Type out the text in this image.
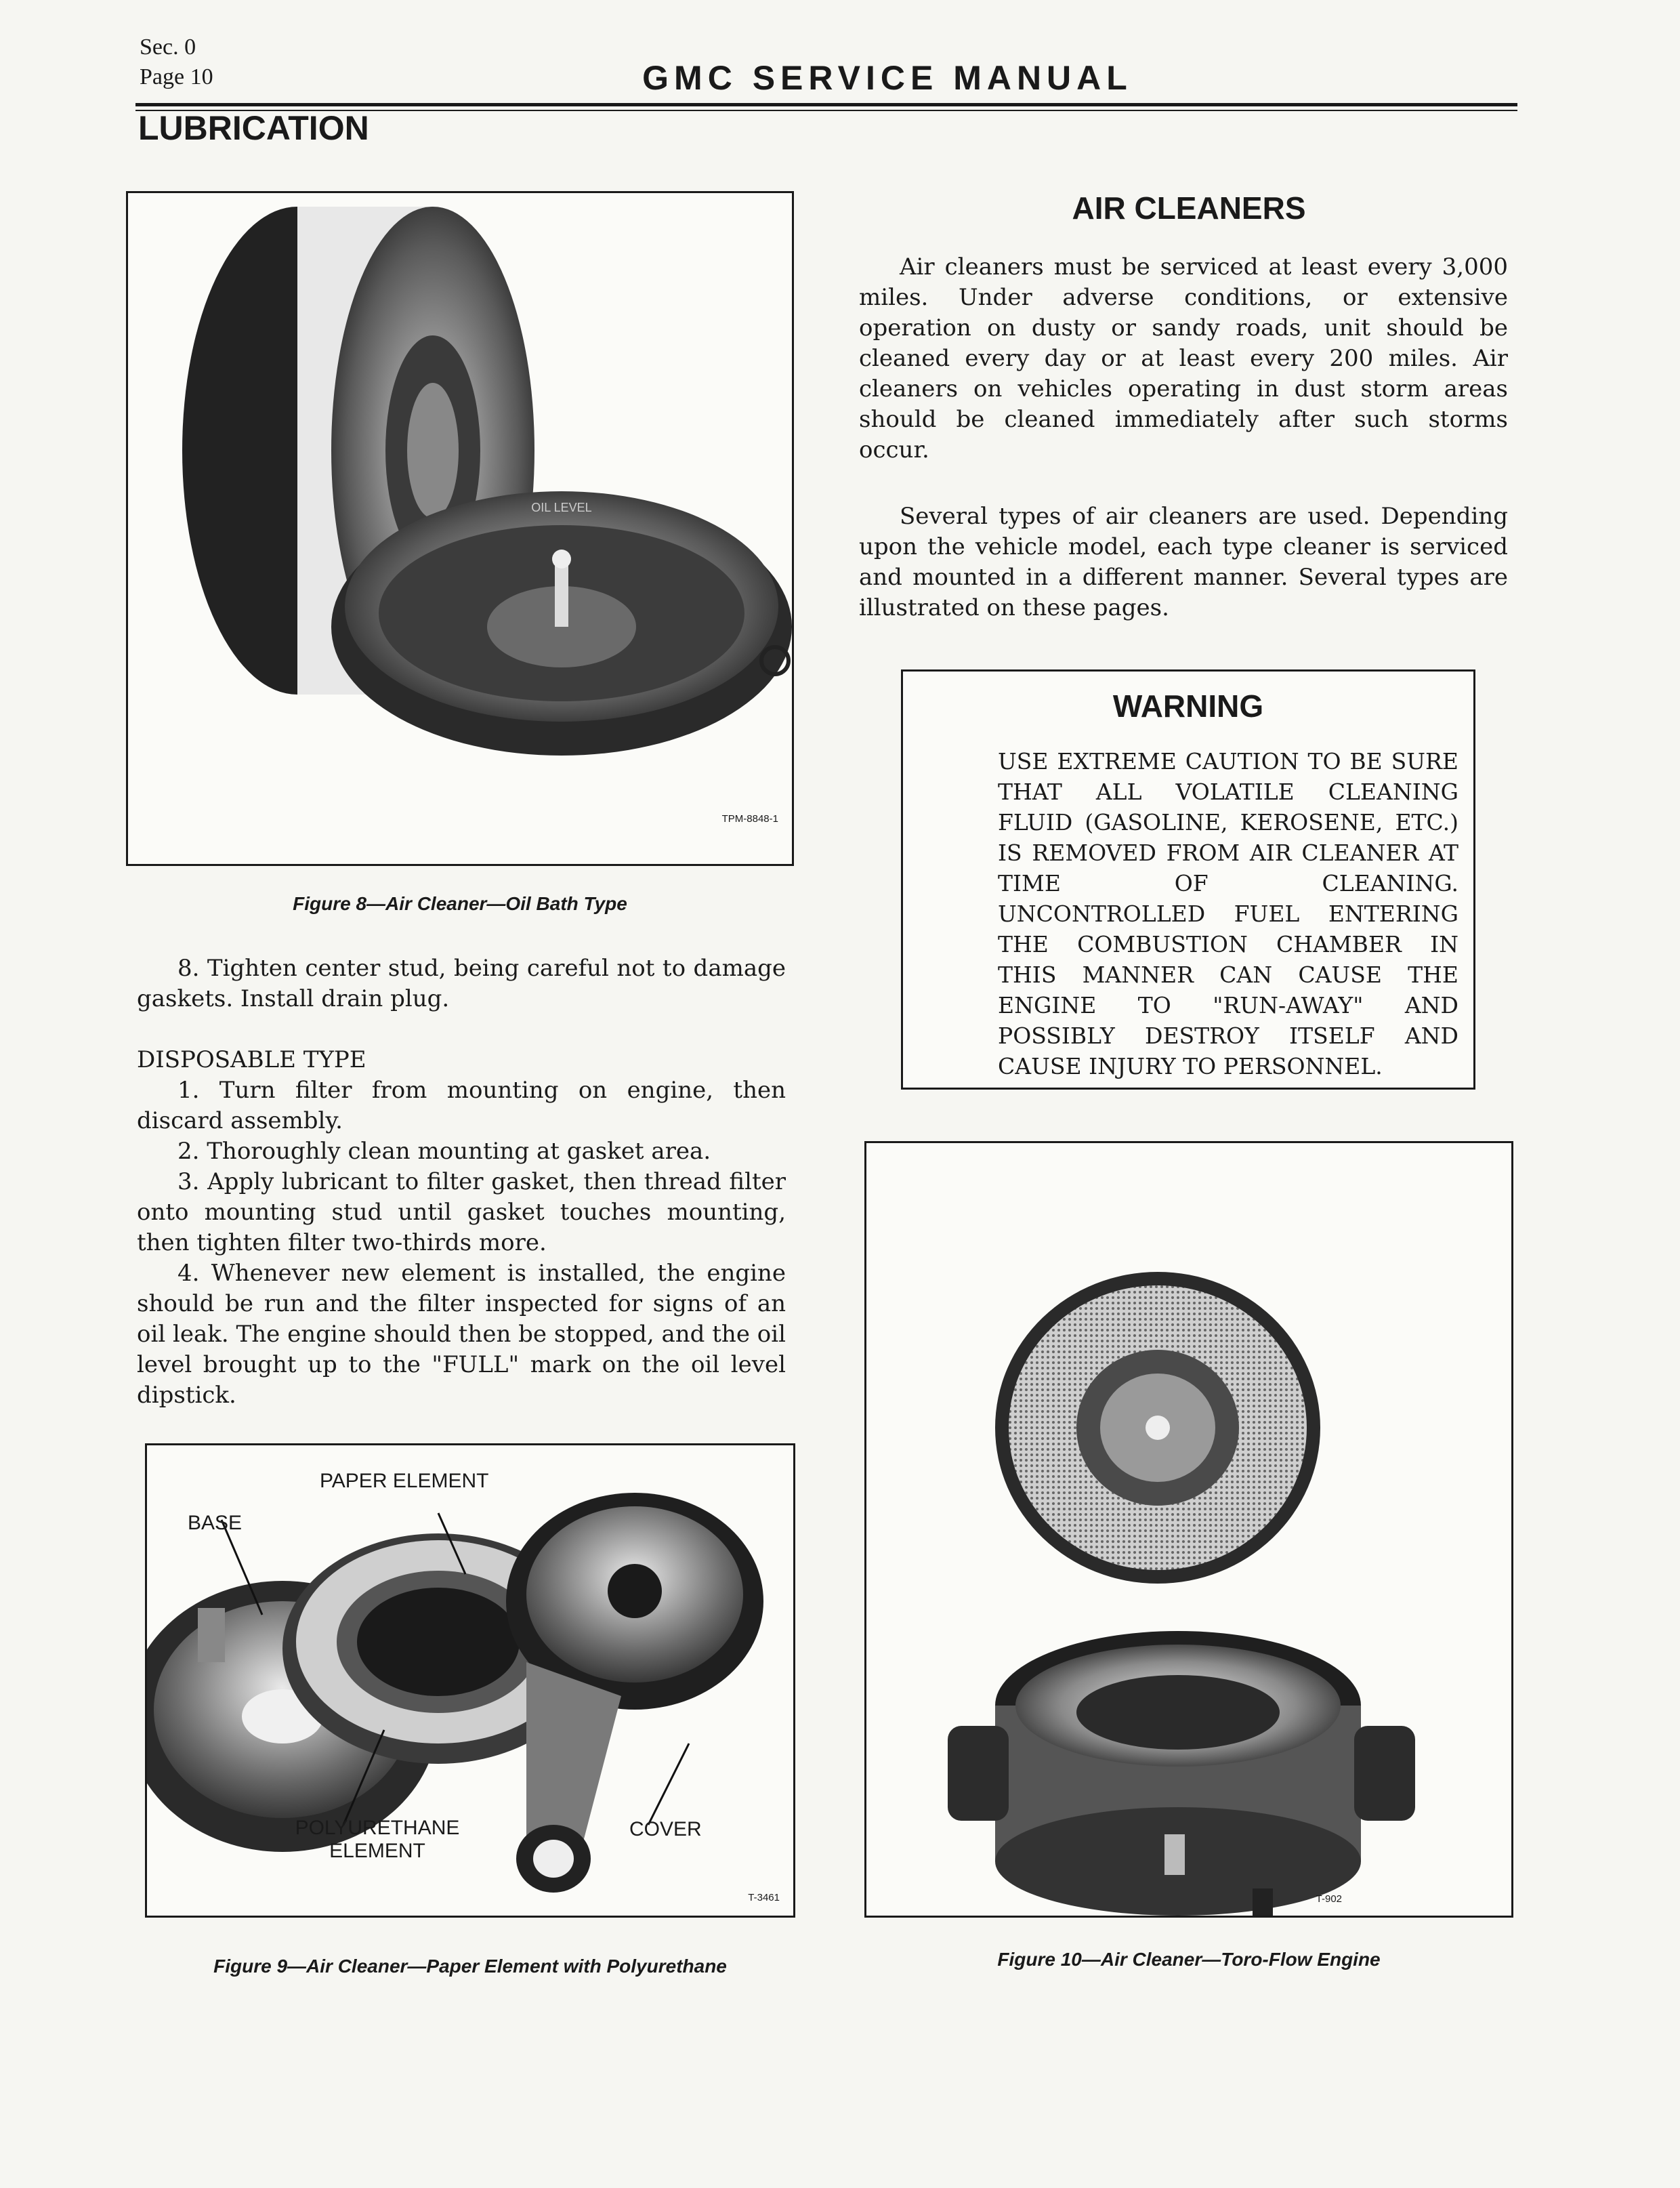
Sec. 0
Page 10	GMC SERVICE MANUAL
LUBRICATION
OIL LEVEL
TPM-8848-1
Figure 8—Air Cleaner—Oil Bath Type
8. Tighten center stud, being careful not to damage gaskets. Install drain plug.
DISPOSABLE TYPE
1. Turn filter from mounting on engine, then discard assembly.
2. Thoroughly clean mounting at gasket area.
3. Apply lubricant to filter gasket, then thread filter onto mounting stud until gasket touches mounting, then tighten filter two-thirds more.
4. Whenever new element is installed, the engine should be run and the filter inspected for signs of an oil leak. The engine should then be stopped, and the oil level brought up to the "FULL" mark on the oil level dipstick.
PAPER ELEMENT
BASE
POLYURETHANE
ELEMENT
COVER
T-3461
Figure 9—Air Cleaner—Paper Element with Polyurethane
AIR CLEANERS
Air cleaners must be serviced at least every 3,000 miles. Under adverse conditions, or extensive operation on dusty or sandy roads, unit should be cleaned every day or at least every 200 miles. Air cleaners on vehicles operating in dust storm areas should be cleaned immediately after such storms occur.
Several types of air cleaners are used. Depending upon the vehicle model, each type cleaner is serviced and mounted in a different manner. Several types are illustrated on these pages.
WARNING
USE EXTREME CAUTION TO BE SURE THAT ALL VOLATILE CLEANING FLUID (GASOLINE, KEROSENE, ETC.) IS REMOVED FROM AIR CLEANER AT TIME OF CLEANING. UNCONTROLLED FUEL ENTERING THE COMBUSTION CHAMBER IN THIS MANNER CAN CAUSE THE ENGINE TO "RUN-AWAY" AND POSSIBLY DESTROY ITSELF AND CAUSE INJURY TO PERSONNEL.
T-902
Figure 10—Air Cleaner—Toro-Flow Engine
